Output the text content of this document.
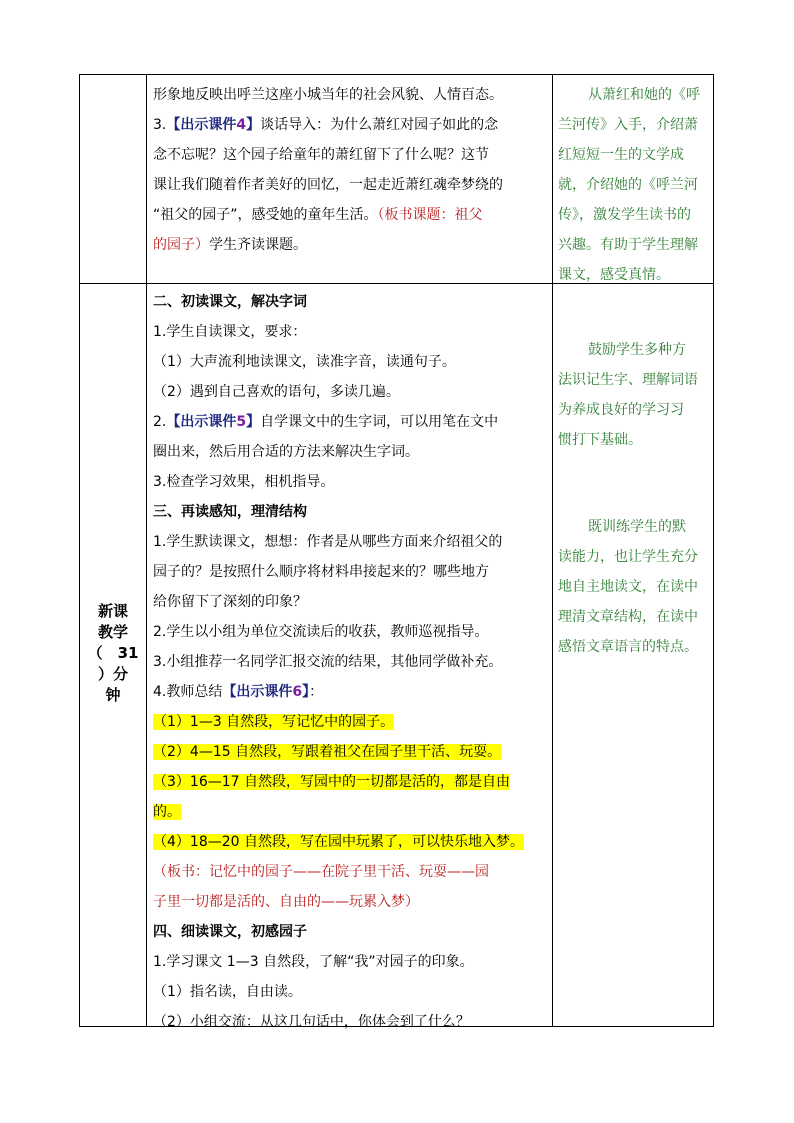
形象地反映出呼兰这座小城当年的社会风貌、人情百态。
3.【出示课件4】谈话导入：为什么萧红对园子如此的念
念不忘呢？这个园子给童年的萧红留下了什么呢？这节
课让我们随着作者美好的回忆，一起走近萧红魂牵梦绕的
“祖父的园子”，感受她的童年生活。（板书课题：祖父
的园子）学生齐读课题。
从萧红和她的《呼
兰河传》入手，介绍萧
红短短一生的文学成
就，介绍她的《呼兰河
传》，激发学生读书的
兴趣。有助于学生理解
课文，感受真情。
新课
教学
（　31
）分
钟
二、初读课文，解决字词
1.学生自读课文，要求：
（1）大声流利地读课文，读准字音，读通句子。
（2）遇到自己喜欢的语句，多读几遍。
2.【出示课件5】自学课文中的生字词，可以用笔在文中
圈出来，然后用合适的方法来解决生字词。
3.检查学习效果，相机指导。
三、再读感知，理清结构
1.学生默读课文，想想：作者是从哪些方面来介绍祖父的
园子的？是按照什么顺序将材料串接起来的？哪些地方
给你留下了深刻的印象？
2.学生以小组为单位交流读后的收获，教师巡视指导。
3.小组推荐一名同学汇报交流的结果，其他同学做补充。
4.教师总结【出示课件6】：
（1）1—3 自然段，写记忆中的园子。
（2）4—15 自然段，写跟着祖父在园子里干活、玩耍。
（3）16—17 自然段，写园中的一切都是活的，都是自由
的。
（4）18—20 自然段，写在园中玩累了，可以快乐地入梦。
（板书：记忆中的园子——在院子里干活、玩耍——园
子里一切都是活的、自由的——玩累入梦）
四、细读课文，初感园子
1.学习课文 1—3 自然段，了解“我”对园子的印象。
（1）指名读，自由读。
（2）小组交流：从这几句话中，你体会到了什么？
鼓励学生多种方
法识记生字、理解词语
为养成良好的学习习
惯打下基础。
既训练学生的默
读能力，也让学生充分
地自主地读文，在读中
理清文章结构，在读中
感悟文章语言的特点。
